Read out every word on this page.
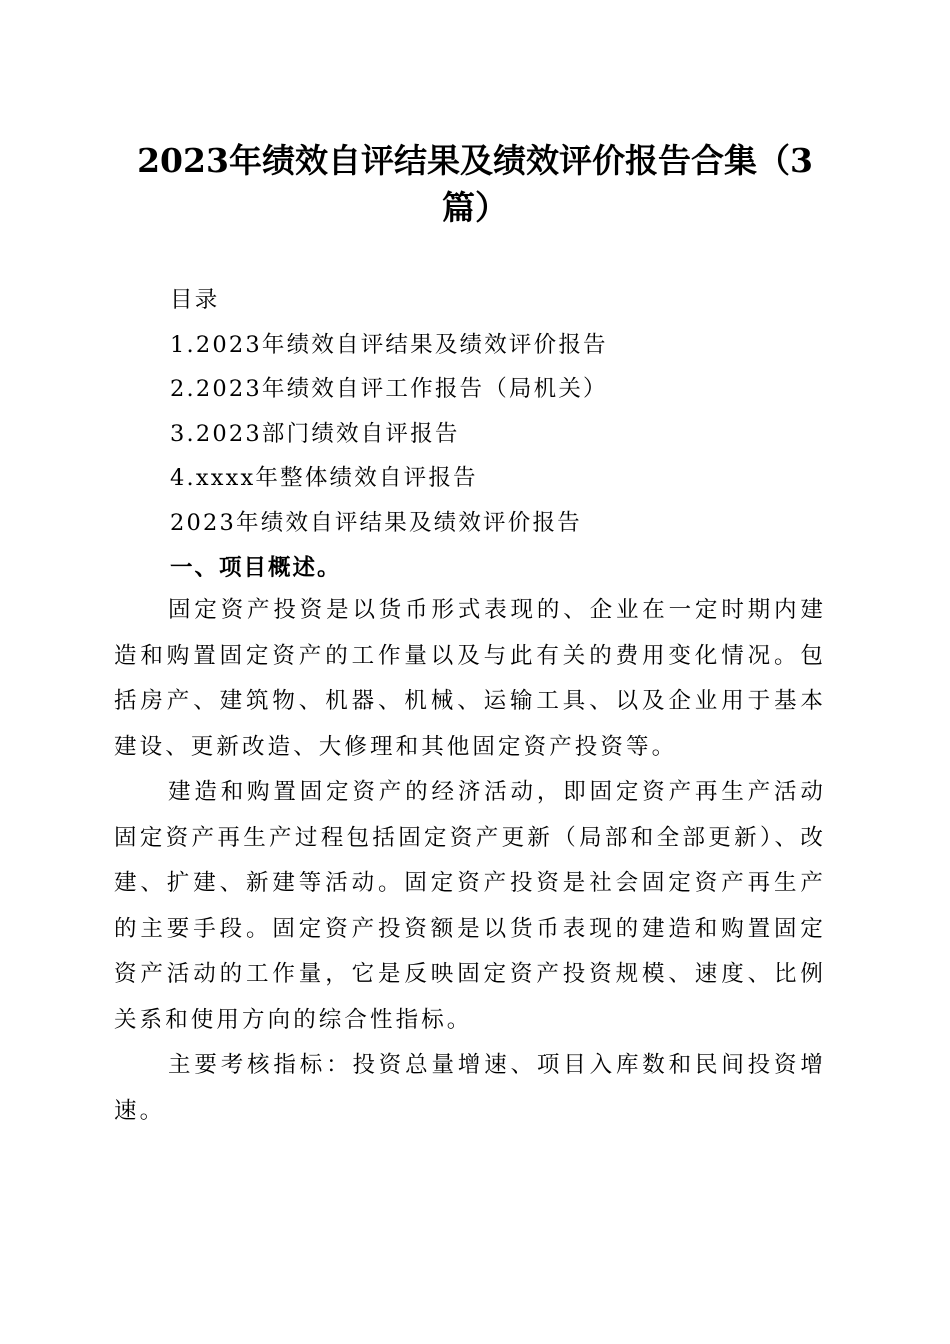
2023年绩效自评结果及绩效评价报告合集（3篇）
目录
1.2023年绩效自评结果及绩效评价报告
2.2023年绩效自评工作报告（局机关）
3.2023部门绩效自评报告
4.xxxx年整体绩效自评报告
2023年绩效自评结果及绩效评价报告
一、项目概述。

固定资产投资是以货币形式表现的、企业在一定时期内建造和购置固定资产的工作量以及与此有关的费用变化情况。包括房产、建筑物、机器、机械、运输工具、以及企业用于基本建设、更新改造、大修理和其他固定资产投资等。

建造和购置固定资产的经济活动，即固定资产再生产活动固定资产再生产过程包括固定资产更新（局部和全部更新）、改建、扩建、新建等活动。固定资产投资是社会固定资产再生产的主要手段。固定资产投资额是以货币表现的建造和购置固定资产活动的工作量，它是反映固定资产投资规模、速度、比例关系和使用方向的综合性指标。

主要考核指标：投资总量增速、项目入库数和民间投资增速。
